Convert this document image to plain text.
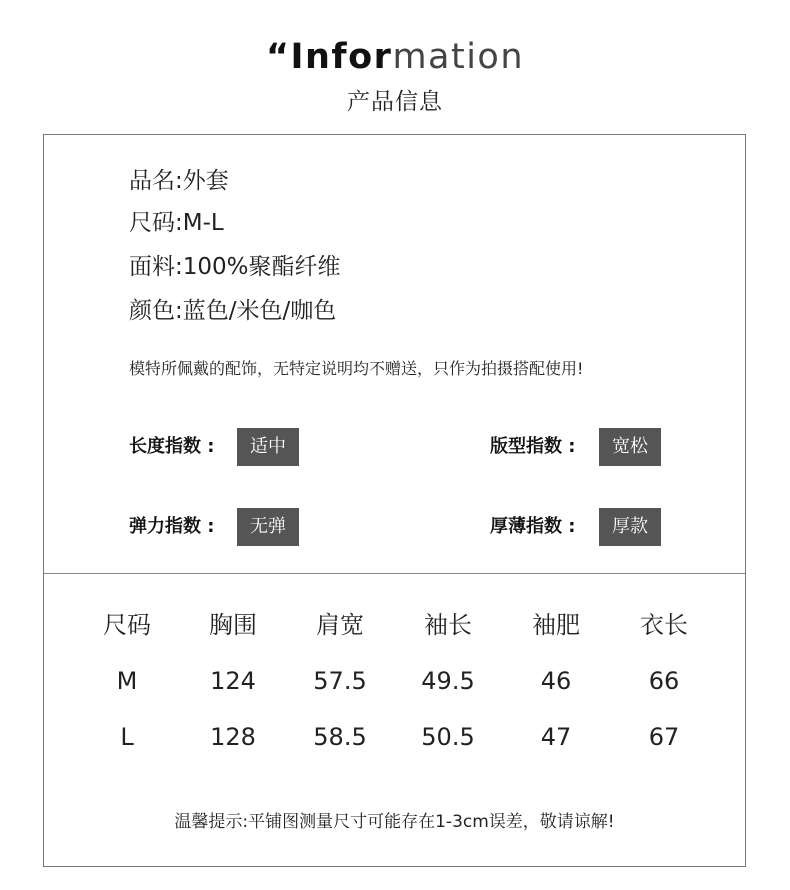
“Information
产品信息
品名:外套
尺码:M-L
面料:100%聚酯纤维
颜色:蓝色/米色/咖色
模特所佩戴的配饰，无特定说明均不赠送，只作为拍摄搭配使用!
长度指数 :	适中	版型指数 :	宽松
弹力指数 :	无弹	厚薄指数 :	厚款
尺码	胸围	肩宽	袖长	袖肥	衣长
M	124	57.5	49.5	46	66
L	128	58.5	50.5	47	67
温馨提示:平铺图测量尺寸可能存在1-3cm误差，敬请谅解!
